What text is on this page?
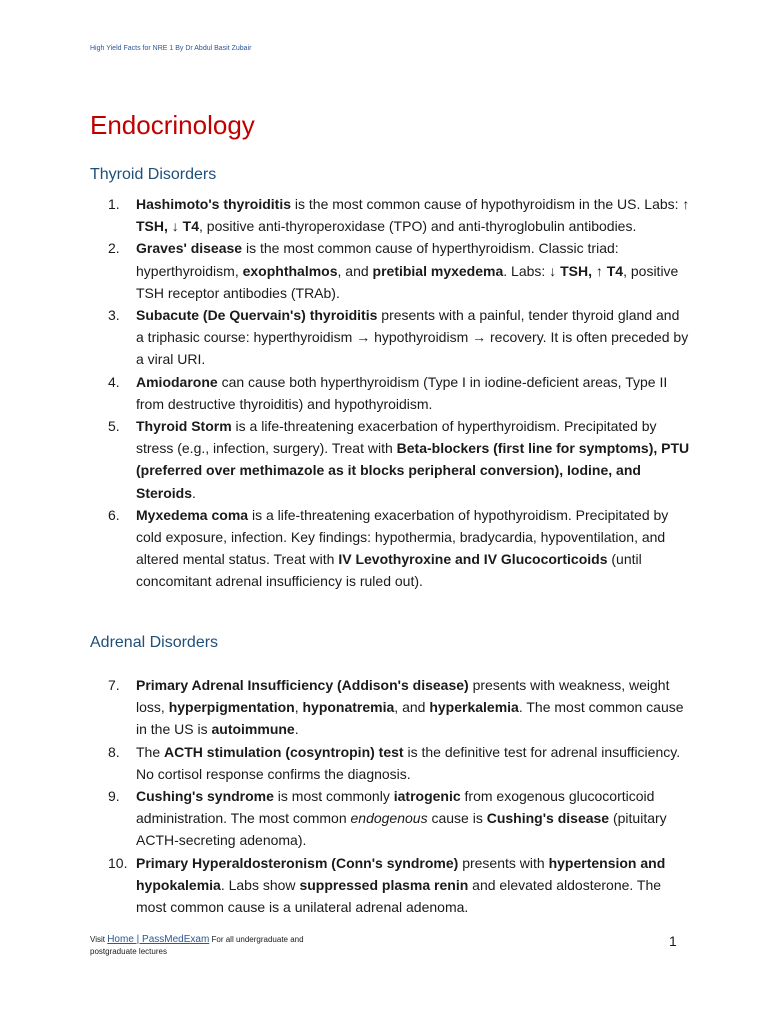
High Yield Facts for NRE 1 By Dr Abdul Basit Zubair
Endocrinology
Thyroid Disorders
1.	Hashimoto's thyroiditis is the most common cause of hypothyroidism in the US. Labs: ↑ TSH, ↓ T4, positive anti-thyroperoxidase (TPO) and anti-thyroglobulin antibodies.
2.	Graves' disease is the most common cause of hyperthyroidism. Classic triad: hyperthyroidism, exophthalmos, and pretibial myxedema. Labs: ↓ TSH, ↑ T4, positive TSH receptor antibodies (TRAb).
3.	Subacute (De Quervain's) thyroiditis presents with a painful, tender thyroid gland and a triphasic course: hyperthyroidism → hypothyroidism → recovery. It is often preceded by a viral URI.
4.	Amiodarone can cause both hyperthyroidism (Type I in iodine-deficient areas, Type II from destructive thyroiditis) and hypothyroidism.
5.	Thyroid Storm is a life-threatening exacerbation of hyperthyroidism. Precipitated by stress (e.g., infection, surgery). Treat with Beta-blockers (first line for symptoms), PTU (preferred over methimazole as it blocks peripheral conversion), Iodine, and Steroids.
6.	Myxedema coma is a life-threatening exacerbation of hypothyroidism. Precipitated by cold exposure, infection. Key findings: hypothermia, bradycardia, hypoventilation, and altered mental status. Treat with IV Levothyroxine and IV Glucocorticoids (until concomitant adrenal insufficiency is ruled out).
Adrenal Disorders
7.	Primary Adrenal Insufficiency (Addison's disease) presents with weakness, weight loss, hyperpigmentation, hyponatremia, and hyperkalemia. The most common cause in the US is autoimmune.
8.	The ACTH stimulation (cosyntropin) test is the definitive test for adrenal insufficiency. No cortisol response confirms the diagnosis.
9.	Cushing's syndrome is most commonly iatrogenic from exogenous glucocorticoid administration. The most common endogenous cause is Cushing's disease (pituitary ACTH-secreting adenoma).
10. Primary Hyperaldosteronism (Conn's syndrome) presents with hypertension and hypokalemia. Labs show suppressed plasma renin and elevated aldosterone. The most common cause is a unilateral adrenal adenoma.
Visit Home | PassMedExam For all undergraduate and postgraduate lectures
1
